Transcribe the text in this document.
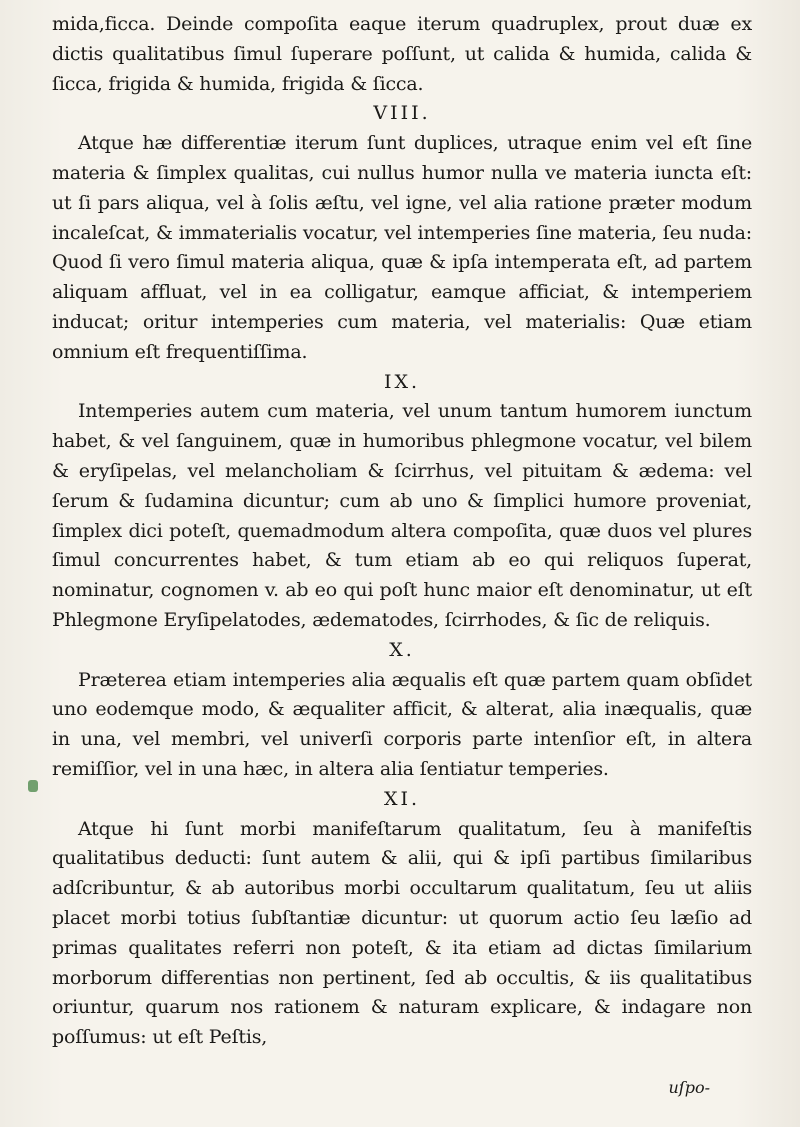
mida,ficca. Deinde compoſita eaque iterum quadruplex, prout duæ ex dictis qualitatibus ſimul ſuperare poſſunt, ut calida & humida, calida & ſicca, frigida & humida, frigida & ſicca.

VIII.

Atque hæ differentiæ iterum ſunt duplices, utraque enim vel eſt ſine materia & ſimplex qualitas, cui nullus humor nulla ve materia iuncta eſt: ut ſi pars aliqua, vel à ſolis æſtu, vel igne, vel alia ratione præter modum incaleſcat, & immaterialis vocatur, vel intemperies ſine materia, ſeu nuda: Quod ſi vero ſimul materia aliqua, quæ & ipſa intemperata eſt, ad partem aliquam affluat, vel in ea colligatur, eamque afficiat, & intemperiem inducat; oritur intemperies cum materia, vel materialis: Quæ etiam omnium eſt frequentiſſima.

IX.

Intemperies autem cum materia, vel unum tantum humorem iunctum habet, & vel ſanguinem, quæ in humoribus phlegmone vocatur, vel bilem & eryſipelas, vel melancholiam & ſcirrhus, vel pituitam & ædema: vel ſerum & ſudamina dicuntur; cum ab uno & ſimplici humore proveniat, ſimplex dici poteſt, quemadmodum altera compoſita, quæ duos vel plures ſimul concurrentes habet, & tum etiam ab eo qui reliquos ſuperat, nominatur, cognomen v. ab eo qui poſt hunc maior eſt denominatur, ut eſt Phlegmone Eryſipelatodes, ædematodes, ſcirrhodes, & ſic de reliquis.

X.

Præterea etiam intemperies alia æqualis eſt quæ partem quam obſidet uno eodemque modo, & æqualiter afficit, & alterat, alia inæqualis, quæ in una, vel membri, vel univerſi corporis parte intenſior eſt, in altera remiſſior, vel in una hæc, in altera alia ſentiatur temperies.

XI.

Atque hi ſunt morbi manifeſtarum qualitatum, ſeu à manifeſtis qualitatibus deducti: ſunt autem & alii, qui & ipſi partibus ſimilaribus adſcribuntur, & ab autoribus morbi occultarum qualitatum, ſeu ut aliis placet morbi totius ſubſtantiæ dicuntur: ut quorum actio ſeu læſio ad primas qualitates referri non poteſt, & ita etiam ad dictas ſimilarium morborum differentias non pertinent, ſed ab occultis, & iis qualitatibus oriuntur, quarum nos rationem & naturam explicare, & indagare non poſſumus: ut eſt Peſtis,

uſpo-
